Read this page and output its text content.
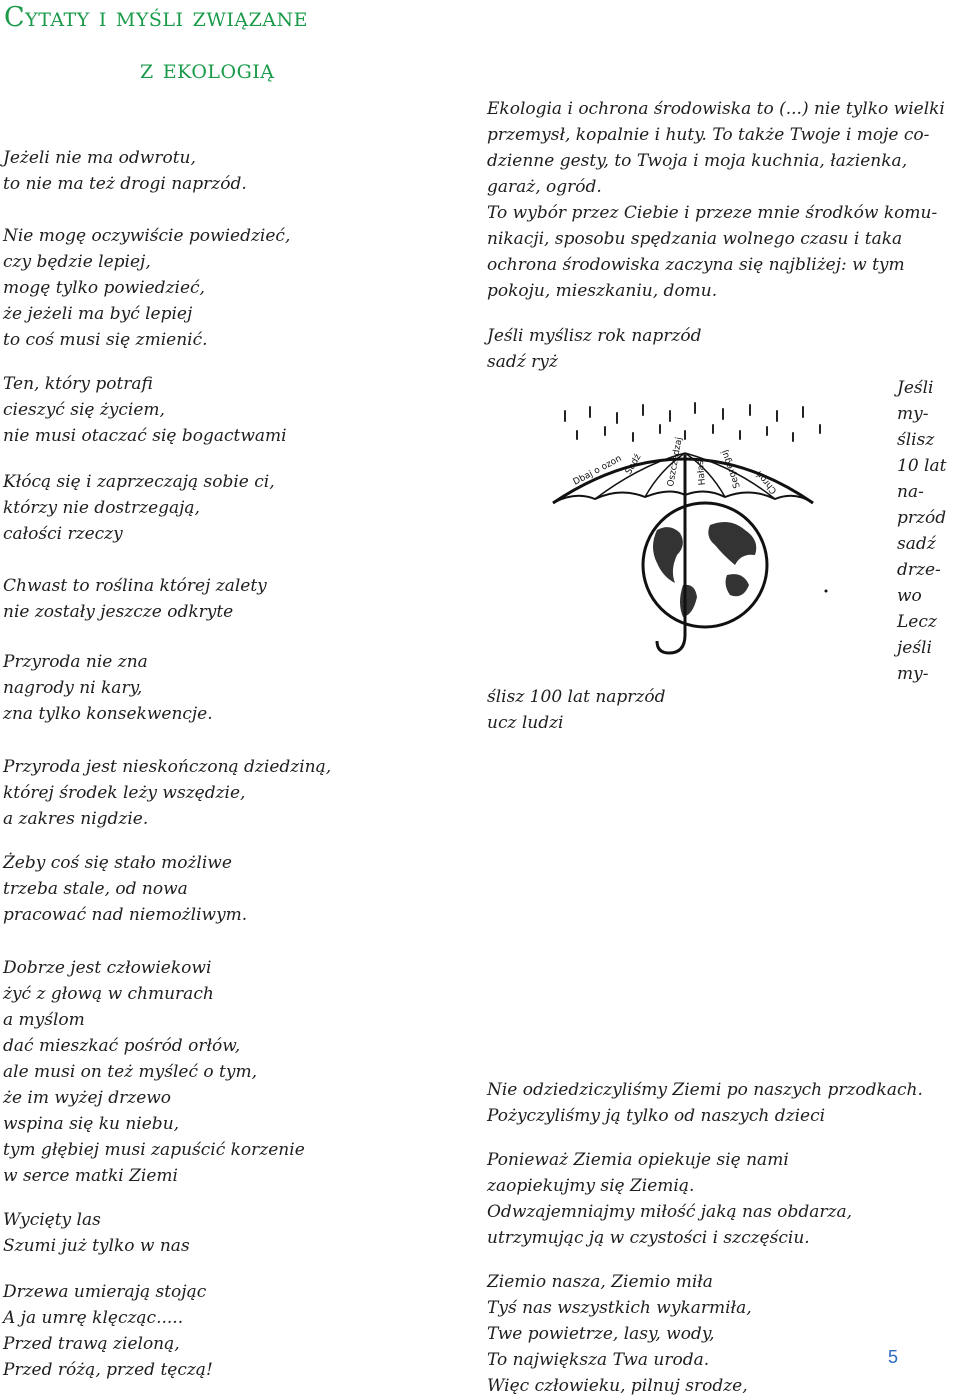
Cytaty i myśli związane
z ekologią
Jeżeli nie ma odwrotu,
to nie ma też drogi naprzód.
Nie mogę oczywiście powiedzieć,
czy będzie lepiej,
mogę tylko powiedzieć,
że jeżeli ma być lepiej
to coś musi się zmienić.
Ten, który potrafi
cieszyć się życiem,
nie musi otaczać się bogactwami
Kłócą się i zaprzeczają sobie ci,
którzy nie dostrzegają,
całości rzeczy
Chwast to roślina której zalety
nie zostały jeszcze odkryte
Przyroda nie zna
nagrody ni kary,
zna tylko konsekwencje.
Przyroda jest nieskończoną dziedziną,
której środek leży wszędzie,
a zakres nigdzie.
Żeby coś się stało możliwe
trzeba stale, od nowa
pracować nad niemożliwym.
Dobrze jest człowiekowi
żyć z głową w chmurach
a myślom
dać mieszkać pośród orłów,
ale musi on też myśleć o tym,
że im wyżej drzewo
wspina się ku niebu,
tym głębiej musi zapuścić korzenie
w serce matki Ziemi
Wycięty las
Szumi już tylko w nas
Drzewa umierają stojąc
A ja umrę klęcząc.....
Przed trawą zieloną,
Przed różą, przed tęczą!
Ekologia i ochrona środowiska to (...) nie tylko wielki
przemysł, kopalnie i huty. To także Twoje i moje co-
dzienne gesty, to Twoja i moja kuchnia, łazienka,
garaż, ogród.
To wybór przez Ciebie i przeze mnie środków komu-
nikacji, sposobu spędzania wolnego czasu i taka
ochrona środowiska zaczyna się najbliżej: w tym
pokoju, mieszkaniu, domu.
Jeśli myślisz rok naprzód
sadź ryż
Jeśli
my-
ślisz
10 lat
na-
przód
sadź
drze-
wo
Lecz
jeśli
my-
Dbaj o ozon Sadź	Oszczędzaj Hałas Segreguj Chroń
ślisz 100 lat naprzód
ucz ludzi
Nie odziedziczyliśmy Ziemi po naszych przodkach.
Pożyczyliśmy ją tylko od naszych dzieci
Ponieważ Ziemia opiekuje się nami
zaopiekujmy się Ziemią.
Odwzajemniajmy miłość jaką nas obdarza,
utrzymując ją w czystości i szczęściu.
Ziemio nasza, Ziemio miła
Tyś nas wszystkich wykarmiła,
Twe powietrze, lasy, wody,
To największa Twa uroda.
Więc człowieku, pilnuj srodze,
5
